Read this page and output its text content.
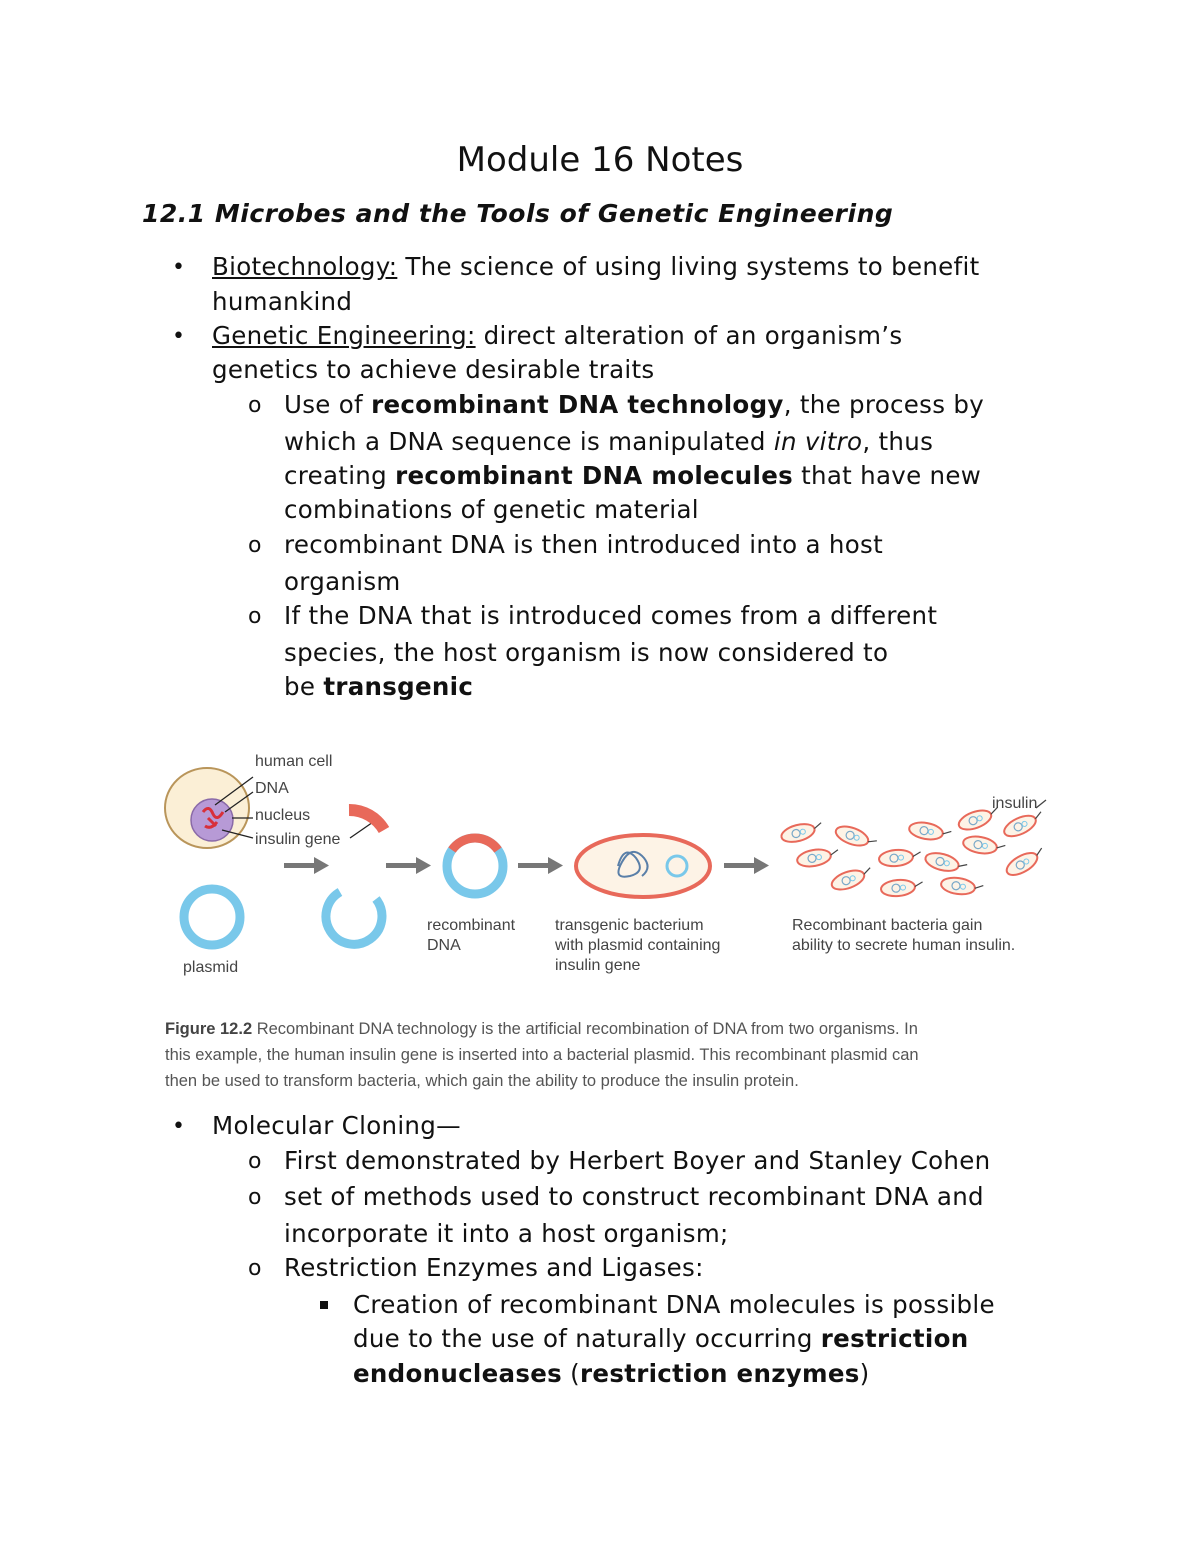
Module 16 Notes
12.1 Microbes and the Tools of Genetic Engineering
• Biotechnology: The science of using living systems to benefit
humankind
• Genetic Engineering: direct alteration of an organism’s
genetics to achieve desirable traits
o Use of recombinant DNA technology, the process by
which a DNA sequence is manipulated in vitro, thus
creating recombinant DNA molecules that have new
combinations of genetic material
o recombinant DNA is then introduced into a host
organism
o If the DNA that is introduced comes from a different
species, the host organism is now considered to
be transgenic
human cell
DNA
nucleus
insulin gene
plasmid
recombinant
DNA
transgenic bacterium
with plasmid containing
insulin gene
Recombinant bacteria gain
ability to secrete human insulin.
insulin
Figure 12.2 Recombinant DNA technology is the artificial recombination of DNA from two organisms. In
this example, the human insulin gene is inserted into a bacterial plasmid. This recombinant plasmid can
then be used to transform bacteria, which gain the ability to produce the insulin protein.
• Molecular Cloning—
o First demonstrated by Herbert Boyer and Stanley Cohen
o set of methods used to construct recombinant DNA and
incorporate it into a host organism;
o Restriction Enzymes and Ligases:
Creation of recombinant DNA molecules is possible
due to the use of naturally occurring restriction
endonucleases (restriction enzymes)
